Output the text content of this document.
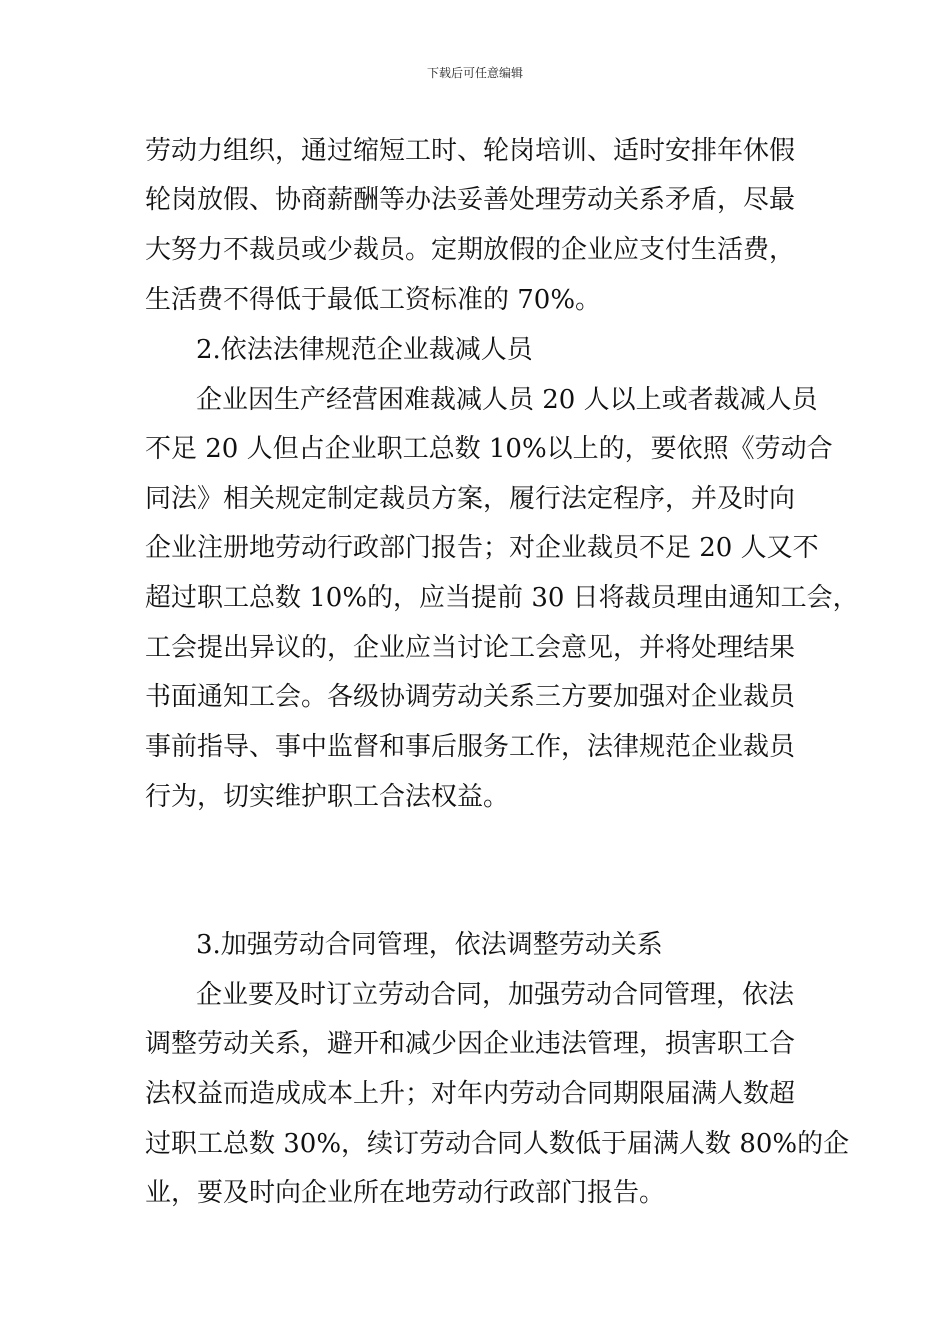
下载后可任意编辑
劳动力组织，通过缩短工时、轮岗培训、适时安排年休假
轮岗放假、协商薪酬等办法妥善处理劳动关系矛盾，尽最
大努力不裁员或少裁员。定期放假的企业应支付生活费，
生活费不得低于最低工资标准的 70%。
2.依法法律规范企业裁减人员
企业因生产经营困难裁减人员 20 人以上或者裁减人员
不足 20 人但占企业职工总数 10%以上的，要依照《劳动合
同法》相关规定制定裁员方案，履行法定程序，并及时向
企业注册地劳动行政部门报告；对企业裁员不足 20 人又不
超过职工总数 10%的，应当提前 30 日将裁员理由通知工会，
工会提出异议的，企业应当讨论工会意见，并将处理结果
书面通知工会。各级协调劳动关系三方要加强对企业裁员
事前指导、事中监督和事后服务工作，法律规范企业裁员
行为，切实维护职工合法权益。
3.加强劳动合同管理，依法调整劳动关系
企业要及时订立劳动合同，加强劳动合同管理，依法
调整劳动关系，避开和减少因企业违法管理，损害职工合
法权益而造成成本上升；对年内劳动合同期限届满人数超
过职工总数 30%，续订劳动合同人数低于届满人数 80%的企
业，要及时向企业所在地劳动行政部门报告。
